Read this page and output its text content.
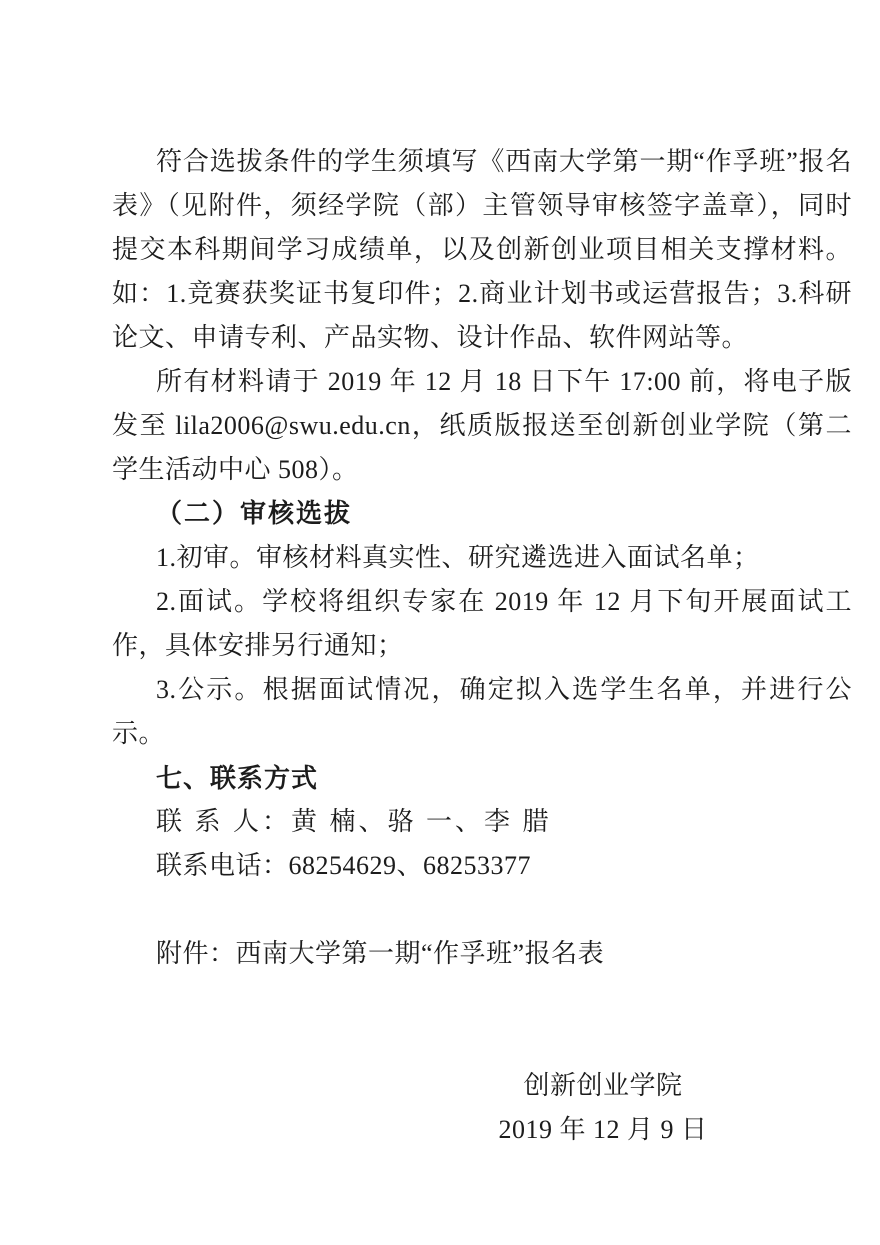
符合选拔条件的学生须填写《西南大学第一期“作孚班”报名表》（见附件，须经学院（部）主管领导审核签字盖章），同时提交本科期间学习成绩单，以及创新创业项目相关支撑材料。如：1.竞赛获奖证书复印件；2.商业计划书或运营报告；3.科研论文、申请专利、产品实物、设计作品、软件网站等。

所有材料请于 2019 年 12 月 18 日下午 17:00 前，将电子版发至 lila2006@swu.edu.cn，纸质版报送至创新创业学院（第二学生活动中心 508）。

（二）审核选拔

1.初审。审核材料真实性、研究遴选进入面试名单；

2.面试。学校将组织专家在 2019 年 12 月下旬开展面试工作，具体安排另行通知；

3.公示。根据面试情况，确定拟入选学生名单，并进行公示。

七、联系方式

联 系 人：黄 楠、骆 一、李 腊

联系电话：68254629、68253377

附件：西南大学第一期“作孚班”报名表

创新创业学院

2019 年 12 月 9 日
